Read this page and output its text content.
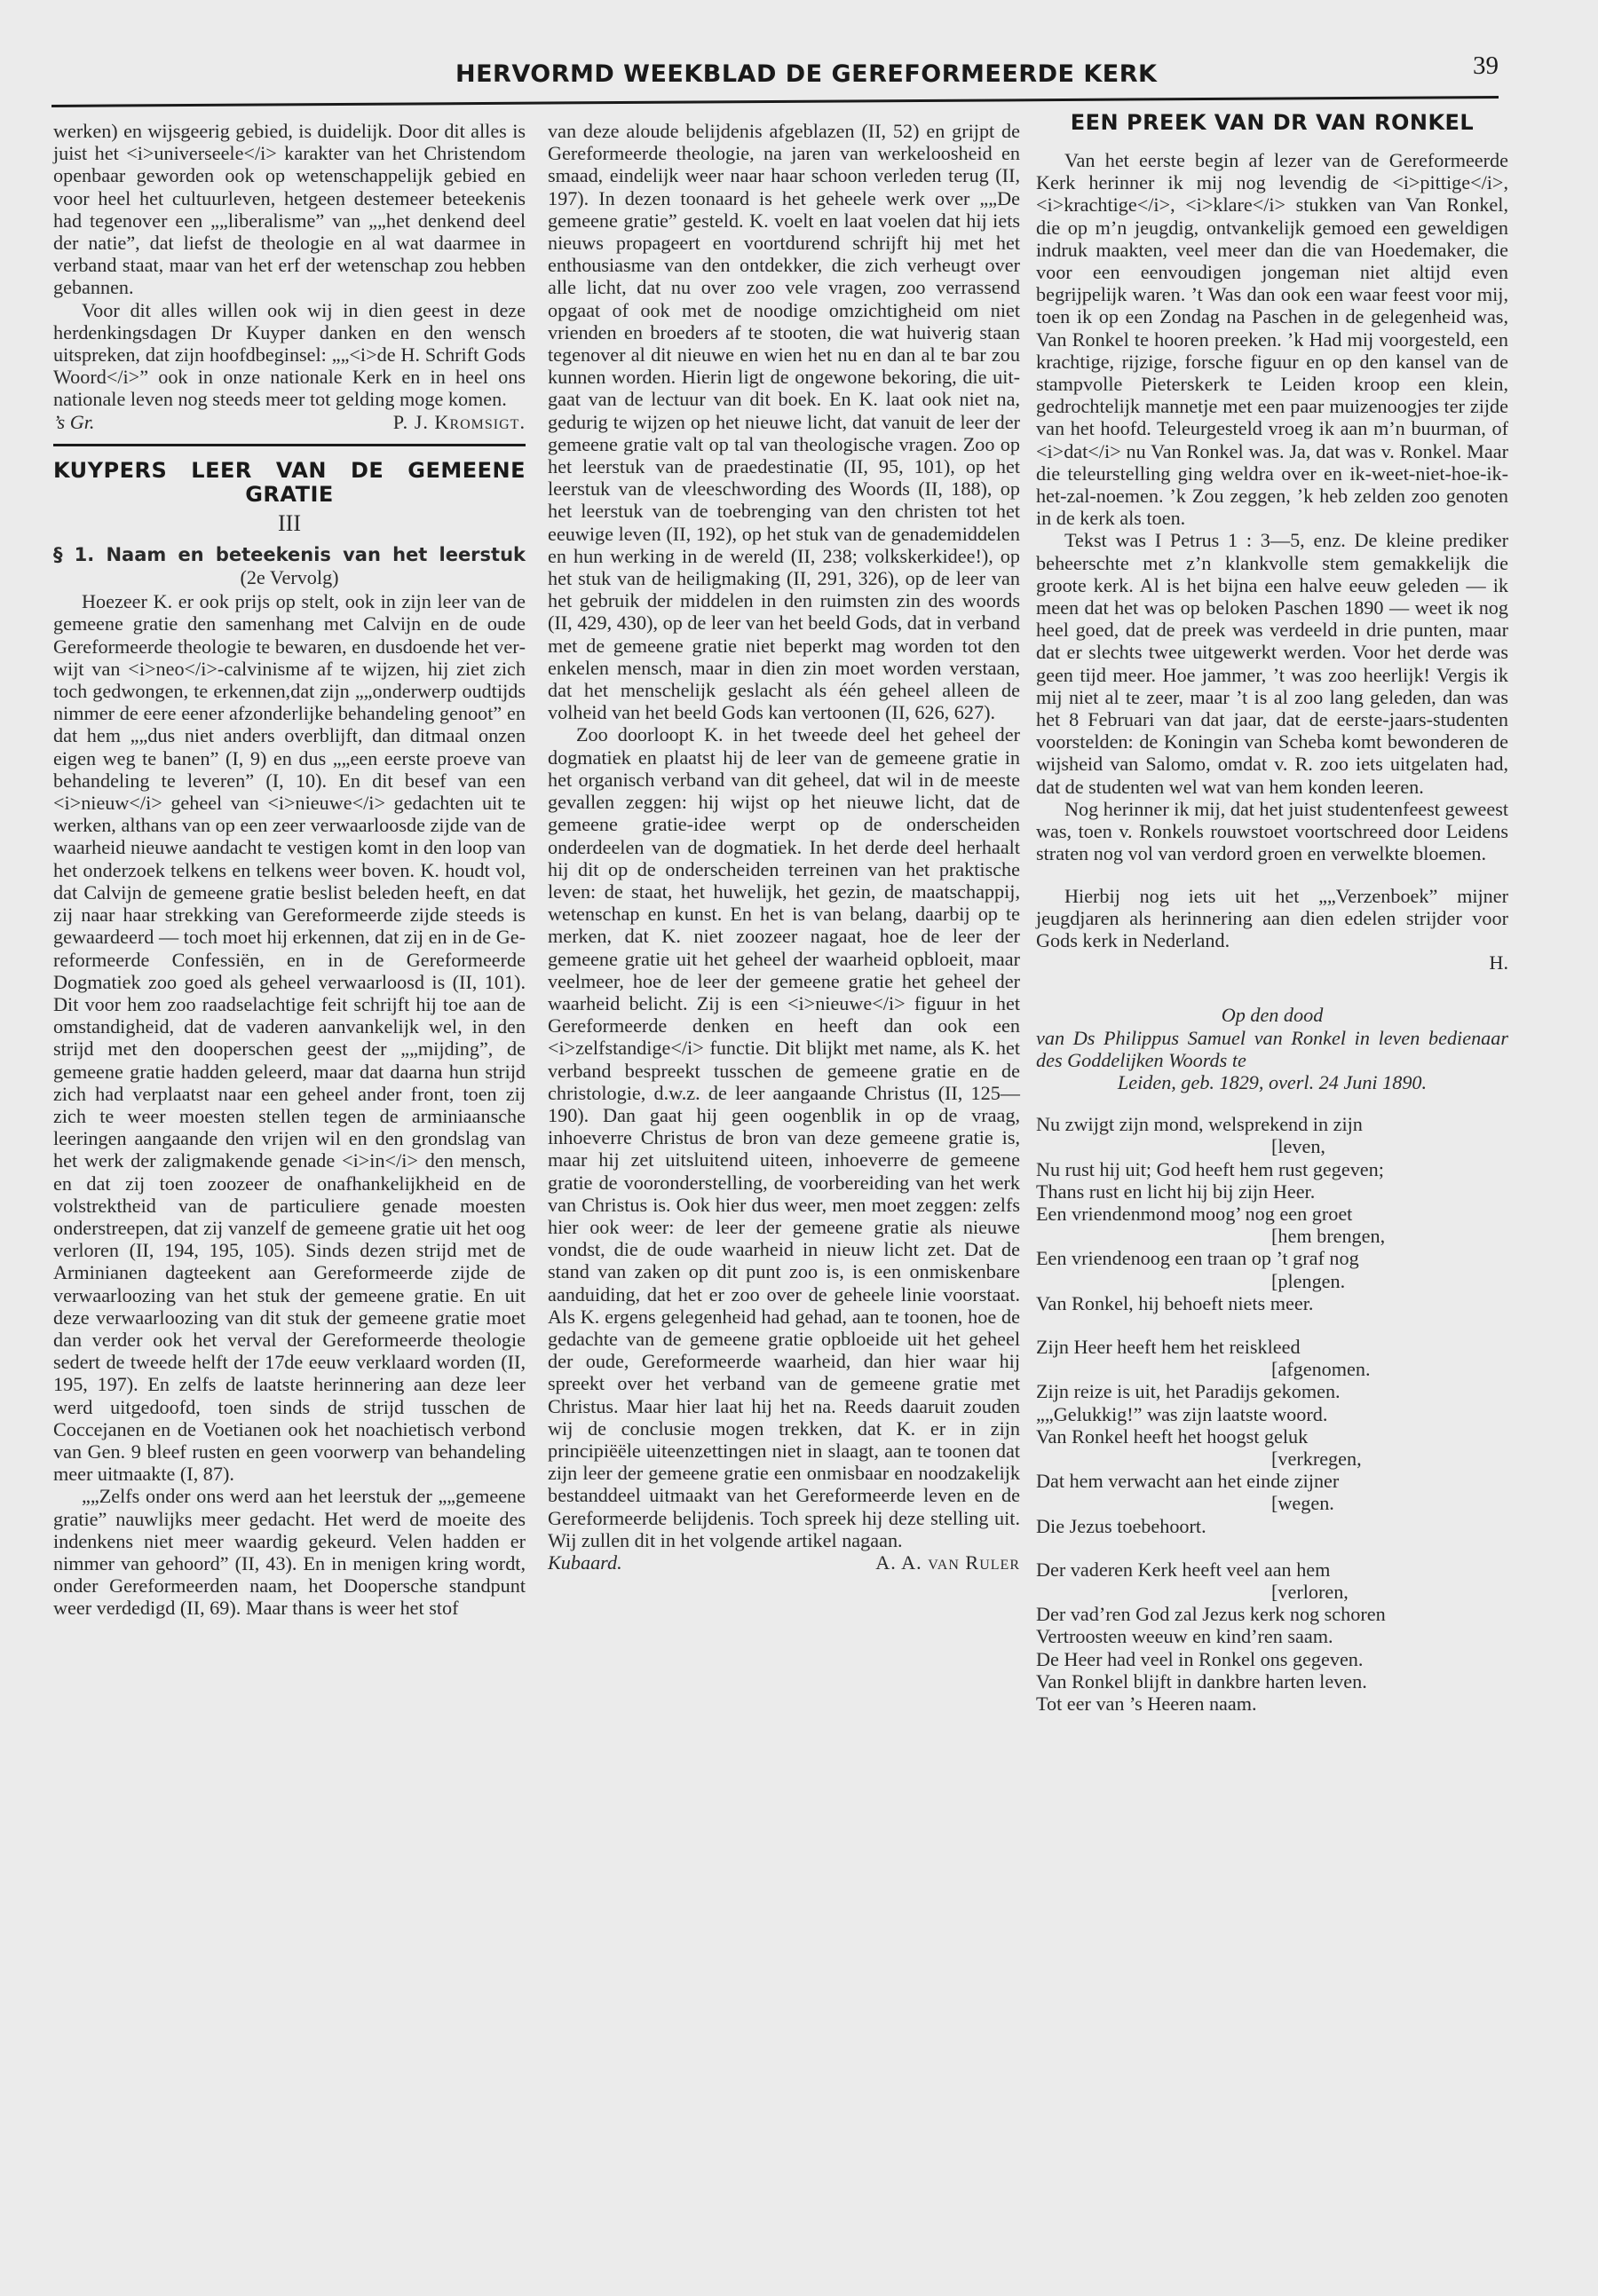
HERVORMD WEEKBLAD DE GEREFORMEERDE KERK	39

werken) en wijsgeerig gebied, is duidelijk. Door dit alles is juist het <i>universeele</i> karakter van het Christendom openbaar geworden ook op wetenschappelijk gebied en voor heel het cultuurleven, hetgeen destemeer beteekenis had tegenover een „„liberalisme” van „„het denkend deel der natie”, dat liefst de theologie en al wat daarmee in verband staat, maar van het erf der wetenschap zou hebben gebannen.

Voor dit alles willen ook wij in dien geest in deze herdenkingsdagen Dr Kuyper danken en den wensch uitspreken, dat zijn hoofdbeginsel: „„<i>de H. Schrift Gods Woord</i>” ook in onze nationale Kerk en in heel ons nationale leven nog steeds meer tot gelding moge komen.

’s Gr.	P. J. Kromsigt.
KUYPERS LEER VAN DE GEMEENE GRATIE
III
§ 1. Naam en beteekenis van het leerstuk
(2e Vervolg)

Hoezeer K. er ook prijs op stelt, ook in zijn leer van de gemeene gratie den samenhang met Calvijn en de oude Gereformeerde theologie te bewaren, en dusdoende het verwijt van <i>neo</i>-calvinisme af te wijzen, hij ziet zich toch gedwongen, te erkennen,dat zijn „„onderwerp oudtijds nimmer de eere eener afzonderlijke behandeling genoot” en dat hem „„dus niet anders overblijft, dan ditmaal onzen eigen weg te banen” (I, 9) en dus „„een eerste proeve van behandeling te leveren” (I, 10). En dit besef van een <i>nieuw</i> geheel van <i>nieuwe</i> gedachten uit te werken, althans van op een zeer verwaarloosde zijde van de waarheid nieuwe aandacht te vestigen komt in den loop van het onderzoek telkens en telkens weer boven. K. houdt vol, dat Calvijn de gemeene gratie beslist beleden heeft, en dat zij naar haar strekking van Gereformeerde zijde steeds is gewaardeerd — toch moet hij erkennen, dat zij en in de Gereformeerde Confessiën, en in de Gereformeerde Dogmatiek zoo goed als geheel verwaarloosd is (II, 101). Dit voor hem zoo raadselachtige feit schrijft hij toe aan de omstandigheid, dat de vaderen aanvankelijk wel, in den strijd met den dooperschen geest der „„mijding”, de gemeene gratie hadden geleerd, maar dat daarna hun strijd zich had verplaatst naar een geheel ander front, toen zij zich te weer moesten stellen tegen de arminiaansche leeringen aangaande den vrijen wil en den grondslag van het werk der zaligmakende genade <i>in</i> den mensch, en dat zij toen zoozeer de onafhankelijkheid en de volstrektheid van de particuliere genade moesten onderstreepen, dat zij vanzelf de gemeene gratie uit het oog verloren (II, 194, 195, 105). Sinds dezen strijd met de Arminianen dagteekent aan Gereformeerde zijde de verwaarloozing van het stuk der gemeene gratie. En uit deze verwaarloozing van dit stuk der gemeene gratie moet dan verder ook het verval der Gereformeerde theologie sedert de tweede helft der 17de eeuw verklaard worden (II, 195, 197). En zelfs de laatste herinnering aan deze leer werd uitgedoofd, toen sinds de strijd tusschen de Coccejanen en de Voetianen ook het noachietisch verbond van Gen. 9 bleef rusten en geen voorwerp van behandeling meer uitmaakte (I, 87).

„„Zelfs onder ons werd aan het leerstuk der „„gemeene gratie” nauwlijks meer gedacht. Het werd de moeite des indenkens niet meer waardig gekeurd. Velen hadden er nimmer van gehoord” (II, 43). En in menigen kring wordt, onder Gereformeerden naam, het Doopersche standpunt weer verdedigd (II, 69). Maar thans is weer het stof

van deze aloude belijdenis afgeblazen (II, 52) en grijpt de Gereformeerde theologie, na jaren van werkeloosheid en smaad, eindelijk weer naar haar schoon verleden terug (II, 197). In dezen toonaard is het geheele werk over „„De gemeene gratie” gesteld. K. voelt en laat voelen dat hij iets nieuws propageert en voortdurend schrijft hij met het enthousiasme van den ontdekker, die zich verheugt over alle licht, dat nu over zoo vele vragen, zoo verrassend opgaat of ook met de noodige omzichtigheid om niet vrienden en broeders af te stooten, die wat huiverig staan tegenover al dit nieuwe en wien het nu en dan al te bar zou kunnen worden. Hierin ligt de ongewone bekoring, die uitgaat van de lectuur van dit boek. En K. laat ook niet na, gedurig te wijzen op het nieuwe licht, dat vanuit de leer der gemeene gratie valt op tal van theologische vragen. Zoo op het leerstuk van de praedestinatie (II, 95, 101), op het leerstuk van de vleeschwording des Woords (II, 188), op het leerstuk van de toebrenging van den christen tot het eeuwige leven (II, 192), op het stuk van de genademiddelen en hun werking in de wereld (II, 238; volkskerkidee!), op het stuk van de heiligmaking (II, 291, 326), op de leer van het gebruik der middelen in den ruimsten zin des woords (II, 429, 430), op de leer van het beeld Gods, dat in verband met de gemeene gratie niet beperkt mag worden tot den enkelen mensch, maar in dien zin moet worden verstaan, dat het menschelijk geslacht als één geheel alleen de volheid van het beeld Gods kan vertoonen (II, 626, 627).

Zoo doorloopt K. in het tweede deel het geheel der dogmatiek en plaatst hij de leer van de gemeene gratie in het organisch verband van dit geheel, dat wil in de meeste gevallen zeggen: hij wijst op het nieuwe licht, dat de gemeene gratie-idee werpt op de onderscheiden onderdeelen van de dogmatiek. In het derde deel herhaalt hij dit op de onderscheiden terreinen van het praktische leven: de staat, het huwelijk, het gezin, de maatschappij, wetenschap en kunst. En het is van belang, daarbij op te merken, dat K. niet zoozeer nagaat, hoe de leer der gemeene gratie uit het geheel der waarheid opbloeit, maar veelmeer, hoe de leer der gemeene gratie het geheel der waarheid belicht. Zij is een <i>nieuwe</i> figuur in het Gereformeerde denken en heeft dan ook een <i>zelfstandige</i> functie. Dit blijkt met name, als K. het verband bespreekt tusschen de gemeene gratie en de christologie, d.w.z. de leer aangaande Christus (II, 125—190). Dan gaat hij geen oogenblik in op de vraag, inhoeverre Christus de bron van deze gemeene gratie is, maar hij zet uitsluitend uiteen, inhoeverre de gemeene gratie de vooronderstelling, de voorbereiding van het werk van Christus is. Ook hier dus weer, men moet zeggen: zelfs hier ook weer: de leer der gemeene gratie als nieuwe vondst, die de oude waarheid in nieuw licht zet. Dat de stand van zaken op dit punt zoo is, is een onmiskenbare aanduiding, dat het er zoo over de geheele linie voorstaat. Als K. ergens gelegenheid had gehad, aan te toonen, hoe de gedachte van de gemeene gratie opbloeide uit het geheel der oude, Gereformeerde waarheid, dan hier waar hij spreekt over het verband van de gemeene gratie met Christus. Maar hier laat hij het na. Reeds daaruit zouden wij de conclusie mogen trekken, dat K. er in zijn principiëële uiteenzettingen niet in slaagt, aan te toonen dat zijn leer der gemeene gratie een onmisbaar en noodzakelijk bestanddeel uitmaakt van het Gereformeerde leven en de Gereformeerde belijdenis. Toch spreek hij deze stelling uit. Wij zullen dit in het volgende artikel nagaan.

Kubaard.	A. A. van Ruler
EEN PREEK VAN DR VAN RONKEL

Van het eerste begin af lezer van de Gereformeerde Kerk herinner ik mij nog levendig de <i>pittige</i>, <i>krachtige</i>, <i>klare</i> stukken van Van Ronkel, die op m’n jeugdig, ontvankelijk gemoed een geweldigen indruk maakten, veel meer dan die van Hoedemaker, die voor een eenvoudigen jongeman niet altijd even begrijpelijk waren. ’t Was dan ook een waar feest voor mij, toen ik op een Zondag na Paschen in de gelegenheid was, Van Ronkel te hooren preeken. ’k Had mij voorgesteld, een krachtige, rijzige, forsche figuur en op den kansel van de stampvolle Pieterskerk te Leiden kroop een klein, gedrochtelijk mannetje met een paar muizenoogjes ter zijde van het hoofd. Teleurgesteld vroeg ik aan m’n buurman, of <i>dat</i> nu Van Ronkel was. Ja, dat was v. Ronkel. Maar die teleurstelling ging weldra over en ik-weet-niet-hoe-ik-het-zal-noemen. ’k Zou zeggen, ’k heb zelden zoo genoten in de kerk als toen.

Tekst was I Petrus 1 : 3—5, enz. De kleine prediker beheerschte met z’n klankvolle stem gemakkelijk die groote kerk. Al is het bijna een halve eeuw geleden — ik meen dat het was op beloken Paschen 1890 — weet ik nog heel goed, dat de preek was verdeeld in drie punten, maar dat er slechts twee uitgewerkt werden. Voor het derde was geen tijd meer. Hoe jammer, ’t was zoo heerlijk! Vergis ik mij niet al te zeer, maar ’t is al zoo lang geleden, dan was het 8 Februari van dat jaar, dat de eerste-jaars-studenten voorstelden: de Koningin van Scheba komt bewonderen de wijsheid van Salomo, omdat v. R. zoo iets uitgelaten had, dat de studenten wel wat van hem konden leeren.

Nog herinner ik mij, dat het juist studentenfeest geweest was, toen v. Ronkels rouwstoet voortschreed door Leidens straten nog vol van verdord groen en verwelkte bloemen.

Hierbij nog iets uit het „„Verzenboek” mijner jeugdjaren als herinnering aan dien edelen strijder voor Gods kerk in Nederland.

H.

Op den dood

van Ds Philippus Samuel van Ronkel in leven bedienaar des Goddelijken Woords te

Leiden, geb. 1829, overl. 24 Juni 1890.

Nu zwijgt zijn mond, welsprekend in zijn
[leven,
Nu rust hij uit; God heeft hem rust gegeven;
Thans rust en licht hij bij zijn Heer.
Een vriendenmond moog’ nog een groet
[hem brengen,
Een vriendenoog een traan op ’t graf nog
[plengen.
Van Ronkel, hij behoeft niets meer.
Zijn Heer heeft hem het reiskleed
[afgenomen.
Zijn reize is uit, het Paradijs gekomen.
„„Gelukkig!” was zijn laatste woord.
Van Ronkel heeft het hoogst geluk
[verkregen,
Dat hem verwacht aan het einde zijner
[wegen.
Die Jezus toebehoort.
Der vaderen Kerk heeft veel aan hem
[verloren,
Der vad’ren God zal Jezus kerk nog schoren
Vertroosten weeuw en kind’ren saam.
De Heer had veel in Ronkel ons gegeven.
Van Ronkel blijft in dankbre harten leven.
Tot eer van ’s Heeren naam.
